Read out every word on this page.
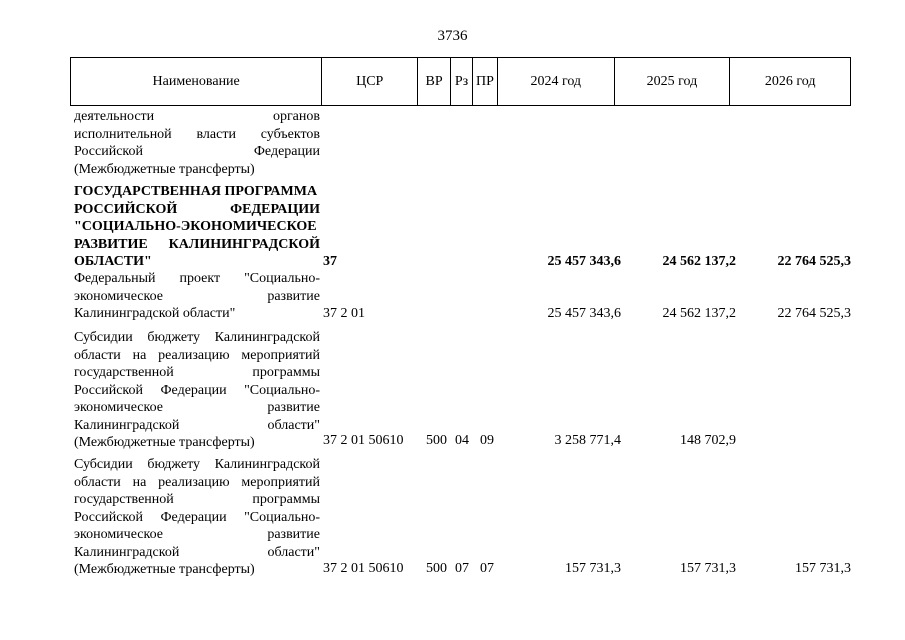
3736
Наименование	ЦСР	ВР Рз ПР	2024 год	2025 год	2026 год
деятельности органов
исполнительной власти субъектов
Российской Федерации
(Межбюджетные трансферты)
ГОСУДАРСТВЕННАЯ ПРОГРАММА
РОССИЙСКОЙ ФЕДЕРАЦИИ
"СОЦИАЛЬНО-ЭКОНОМИЧЕСКОЕ
РАЗВИТИЕ КАЛИНИНГРАДСКОЙ
ОБЛАСТИ"	37	25 457 343,6	24 562 137,2	22 764 525,3
Федеральный проект "Социально-
экономическое развитие
Калининградской области"	37 2 01	25 457 343,6	24 562 137,2	22 764 525,3
Субсидии бюджету Калининградской
области на реализацию мероприятий
государственной программы
Российской Федерации "Социально-
экономическое развитие
Калининградской области"
(Межбюджетные трансферты)	37 2 01 50610 500 04 09	3 258 771,4	148 702,9
Субсидии бюджету Калининградской
области на реализацию мероприятий
государственной программы
Российской Федерации "Социально-
экономическое развитие
Калининградской области"
(Межбюджетные трансферты)	37 2 01 50610 500 07 07	157 731,3	157 731,3	157 731,3
